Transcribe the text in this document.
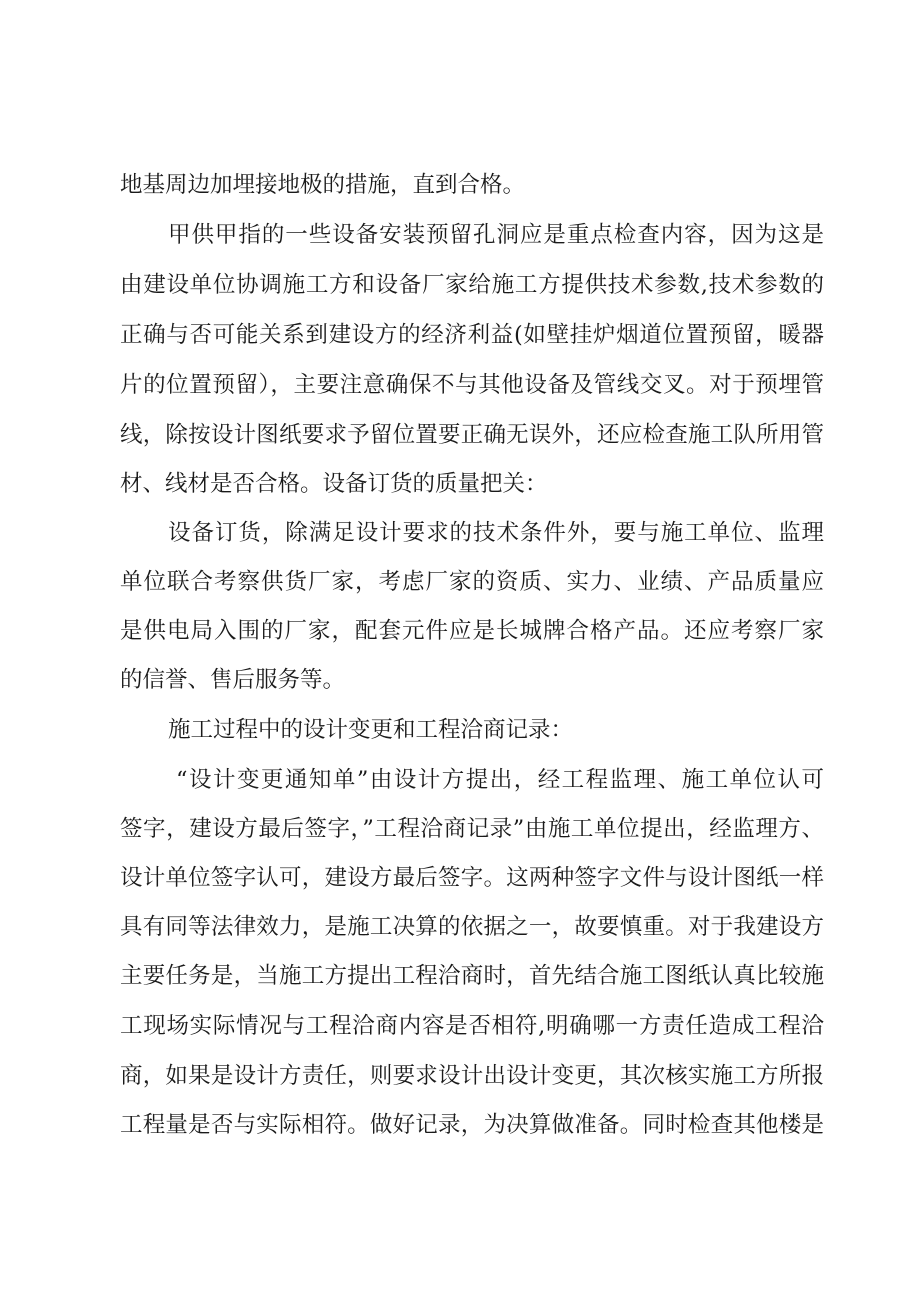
地基周边加埋接地极的措施，直到合格。

甲供甲指的一些设备安装预留孔洞应是重点检查内容，因为这是

由建设单位协调施工方和设备厂家给施工方提供技术参数,技术参数的

正确与否可能关系到建设方的经济利益(如壁挂炉烟道位置预留，暖器

片的位置预留），主要注意确保不与其他设备及管线交叉。对于预埋管

线，除按设计图纸要求予留位置要正确无误外，还应检查施工队所用管

材、线材是否合格。设备订货的质量把关：

设备订货，除满足设计要求的技术条件外，要与施工单位、监理

单位联合考察供货厂家，考虑厂家的资质、实力、业绩、产品质量应

是供电局入围的厂家，配套元件应是长城牌合格产品。还应考察厂家

的信誉、售后服务等。

施工过程中的设计变更和工程洽商记录：

“设计变更通知单”由设计方提出，经工程监理、施工单位认可

签字，建设方最后签字，”工程洽商记录”由施工单位提出，经监理方、

设计单位签字认可，建设方最后签字。这两种签字文件与设计图纸一样

具有同等法律效力，是施工决算的依据之一，故要慎重。对于我建设方

主要任务是，当施工方提出工程洽商时，首先结合施工图纸认真比较施

工现场实际情况与工程洽商内容是否相符,明确哪一方责任造成工程洽

商，如果是设计方责任，则要求设计出设计变更，其次核实施工方所报

工程量是否与实际相符。做好记录，为决算做准备。同时检查其他楼是
